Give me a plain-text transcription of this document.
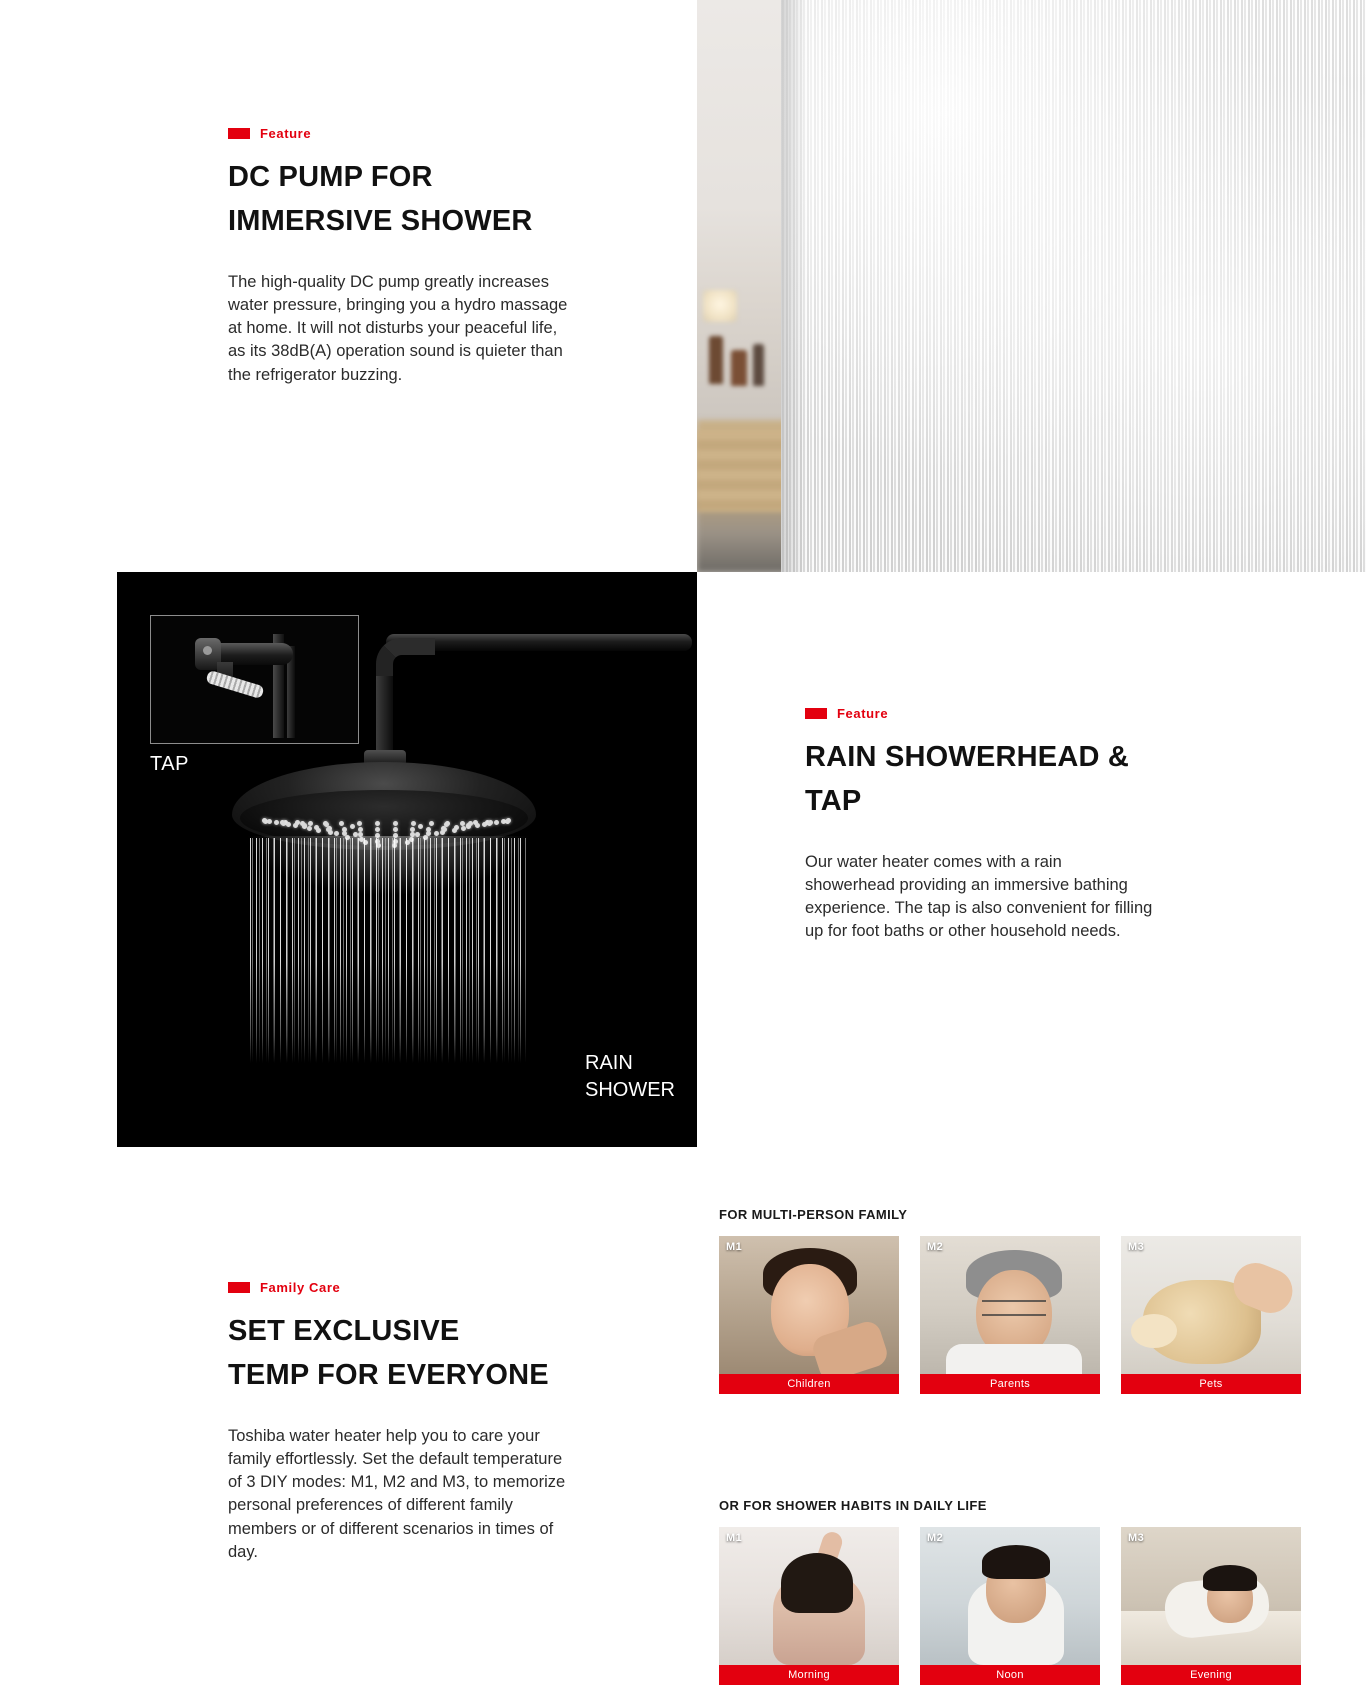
Feature
DC PUMP FOR
IMMERSIVE SHOWER

The high-quality DC pump greatly increases water pressure, bringing you a hydro massage at home. It will not disturbs your peaceful life, as its 38dB(A) operation sound is quieter than the refrigerator buzzing.

TAP
RAIN
SHOWER
Feature
RAIN SHOWERHEAD &
TAP

Our water heater comes with a rain showerhead providing an immersive bathing experience. The tap is also convenient for filling up for foot baths or other household needs.

Family Care
SET EXCLUSIVE
TEMP FOR EVERYONE

Toshiba water heater help you to care your family effortlessly. Set the default temperature of 3 DIY modes: M1, M2 and M3, to memorize personal preferences of different family members or of different scenarios in times of day.

FOR MULTI-PERSON FAMILY
M1
Children
M2
Parents
M3
Pets
OR FOR SHOWER HABITS IN DAILY LIFE
M1
Morning
M2
Noon
M3
Evening
